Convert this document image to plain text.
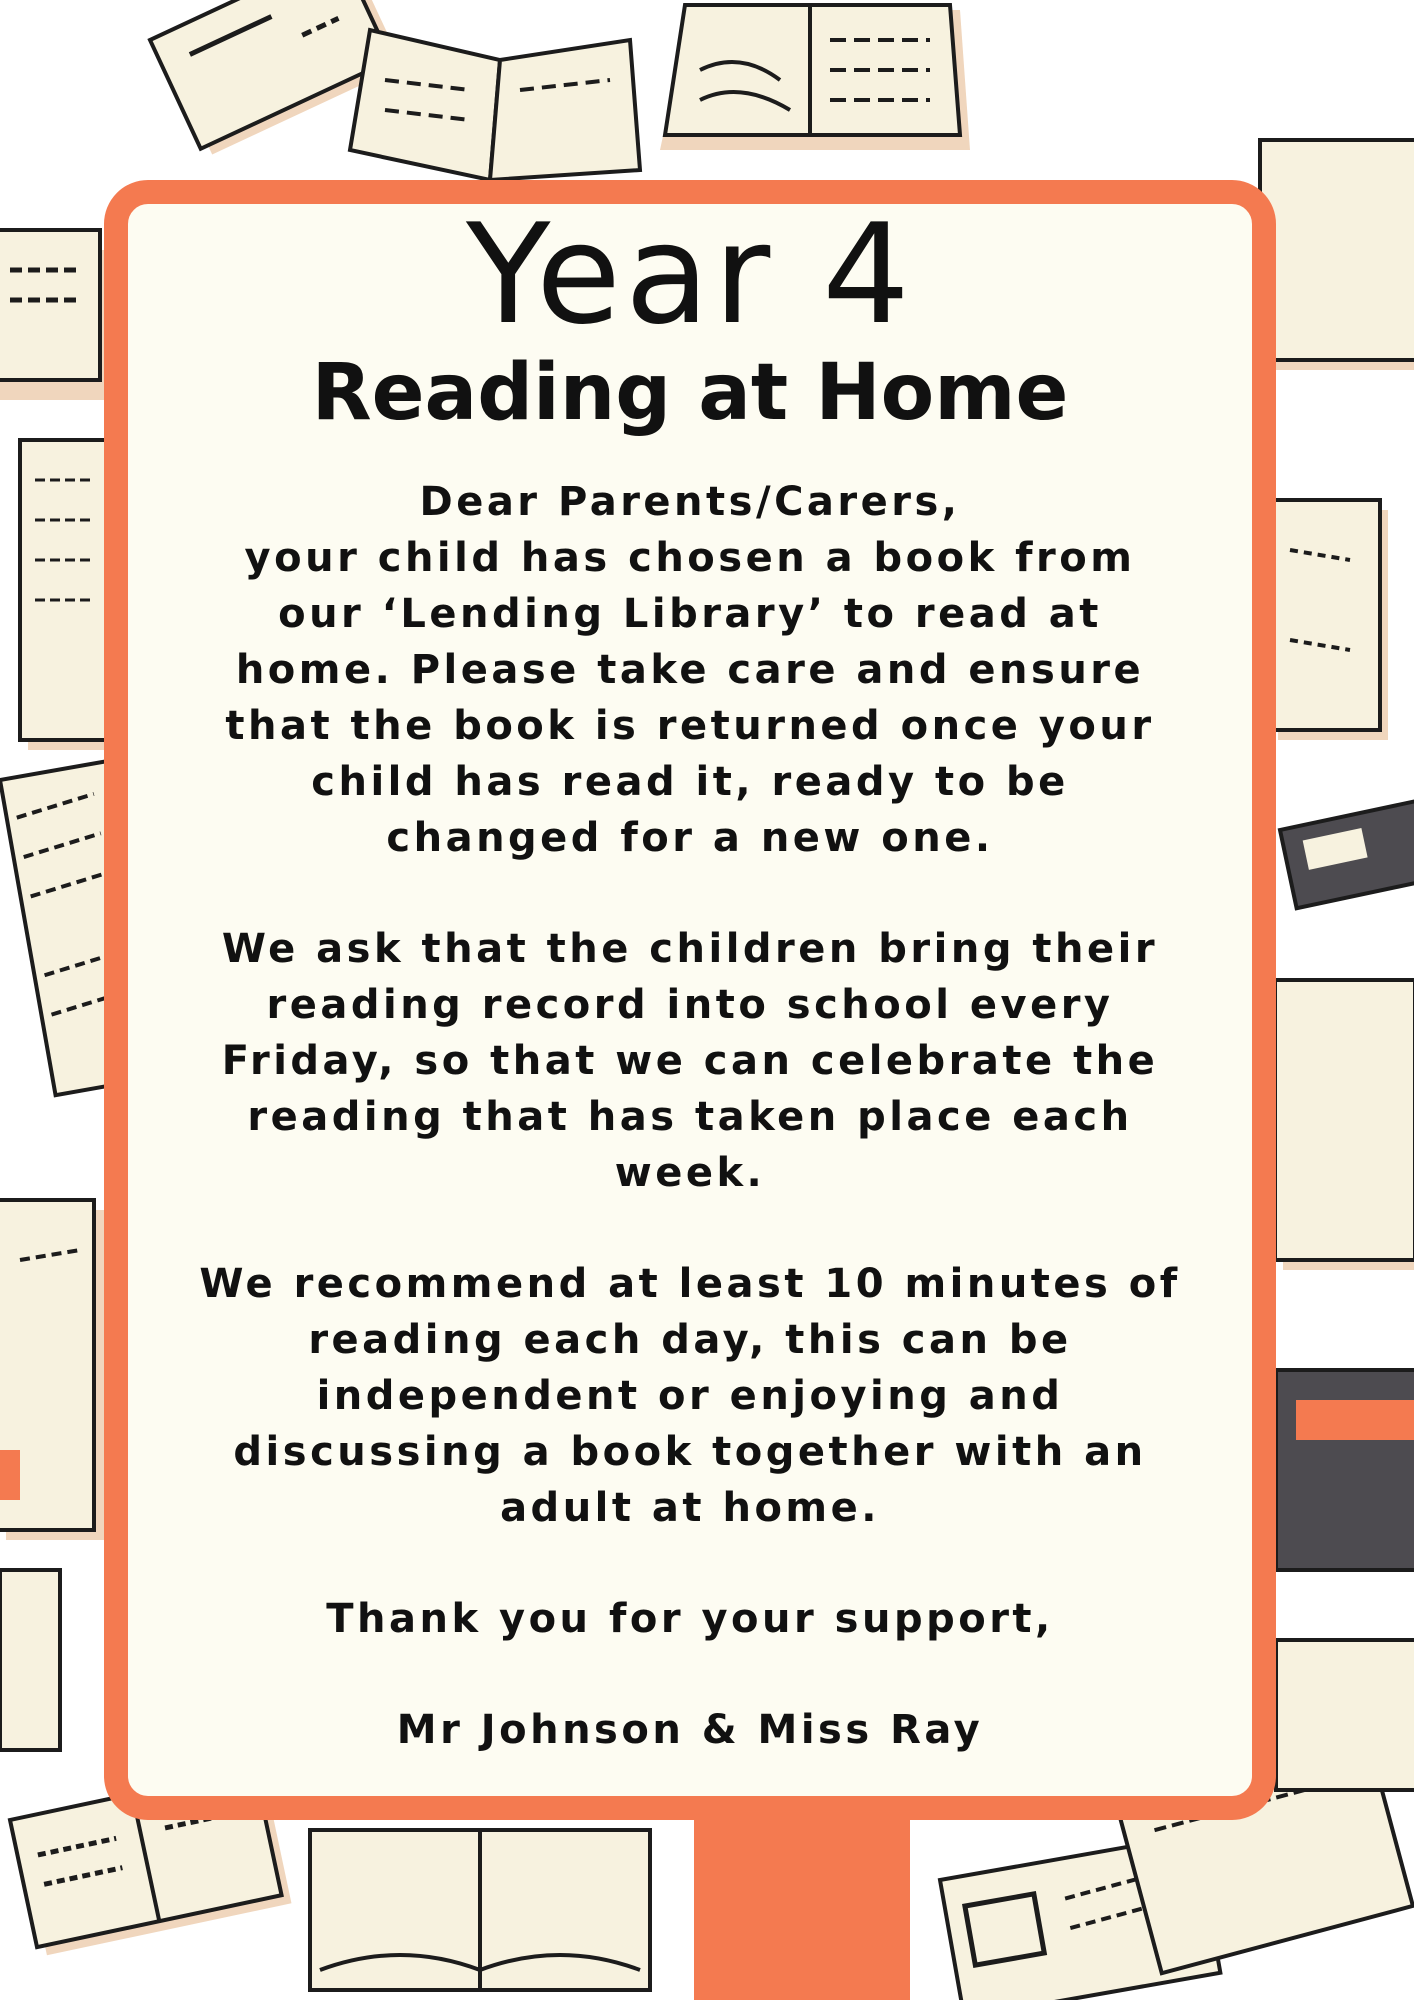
Year 4
Reading at Home

Dear Parents/Carers,
your child has chosen a book from
our ‘Lending Library’ to read at
home. Please take care and ensure
that the book is returned once your
child has read it, ready to be
changed for a new one.

We ask that the children bring their
reading record into school every
Friday, so that we can celebrate the
reading that has taken place each
week.

We recommend at least 10 minutes of
reading each day, this can be
independent or enjoying and
discussing a book together with an
adult at home.

Thank you for your support,

Mr Johnson & Miss Ray
